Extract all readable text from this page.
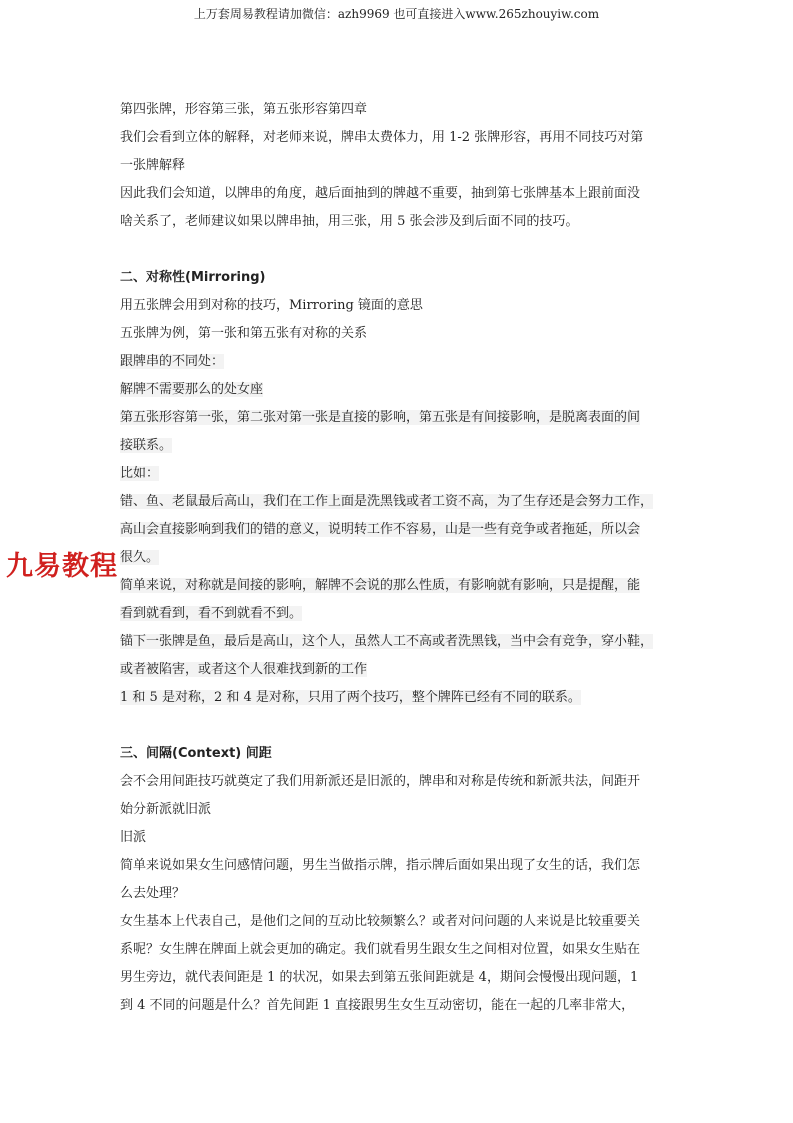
上万套周易教程请加微信：azh9969 也可直接进入www.265zhouyiw.com
第四张牌，形容第三张，第五张形容第四章
我们会看到立体的解释，对老师来说，牌串太费体力，用 1-2 张牌形容，再用不同技巧对第
一张牌解释
因此我们会知道，以牌串的角度，越后面抽到的牌越不重要，抽到第七张牌基本上跟前面没
啥关系了，老师建议如果以牌串抽，用三张，用 5 张会涉及到后面不同的技巧。
二、对称性(Mirroring)
用五张牌会用到对称的技巧，Mirroring 镜面的意思
五张牌为例，第一张和第五张有对称的关系
跟牌串的不同处：
解牌不需要那么的处女座
第五张形容第一张，第二张对第一张是直接的影响，第五张是有间接影响，是脱离表面的间
接联系。
比如：
错、鱼、老鼠最后高山，我们在工作上面是洗黑钱或者工资不高，为了生存还是会努力工作，
高山会直接影响到我们的错的意义，说明转工作不容易，山是一些有竞争或者拖延，所以会
很久。
简单来说，对称就是间接的影响，解牌不会说的那么性质，有影响就有影响，只是提醒，能
看到就看到，看不到就看不到。
锚下一张牌是鱼，最后是高山，这个人，虽然人工不高或者洗黑钱，当中会有竞争，穿小鞋，
或者被陷害，或者这个人很难找到新的工作
1 和 5 是对称，2 和 4 是对称，只用了两个技巧，整个牌阵已经有不同的联系。
三、间隔(Context) 间距
会不会用间距技巧就奠定了我们用新派还是旧派的，牌串和对称是传统和新派共法，间距开
始分新派就旧派
旧派
简单来说如果女生问感情问题，男生当做指示牌，指示牌后面如果出现了女生的话，我们怎
么去处理？
女生基本上代表自己，是他们之间的互动比较频繁么？或者对问问题的人来说是比较重要关
系呢？女生牌在牌面上就会更加的确定。我们就看男生跟女生之间相对位置，如果女生贴在
男生旁边，就代表间距是 1 的状况，如果去到第五张间距就是 4，期间会慢慢出现问题，1
到 4 不同的问题是什么？首先间距 1 直接跟男生女生互动密切，能在一起的几率非常大，
九易教程
